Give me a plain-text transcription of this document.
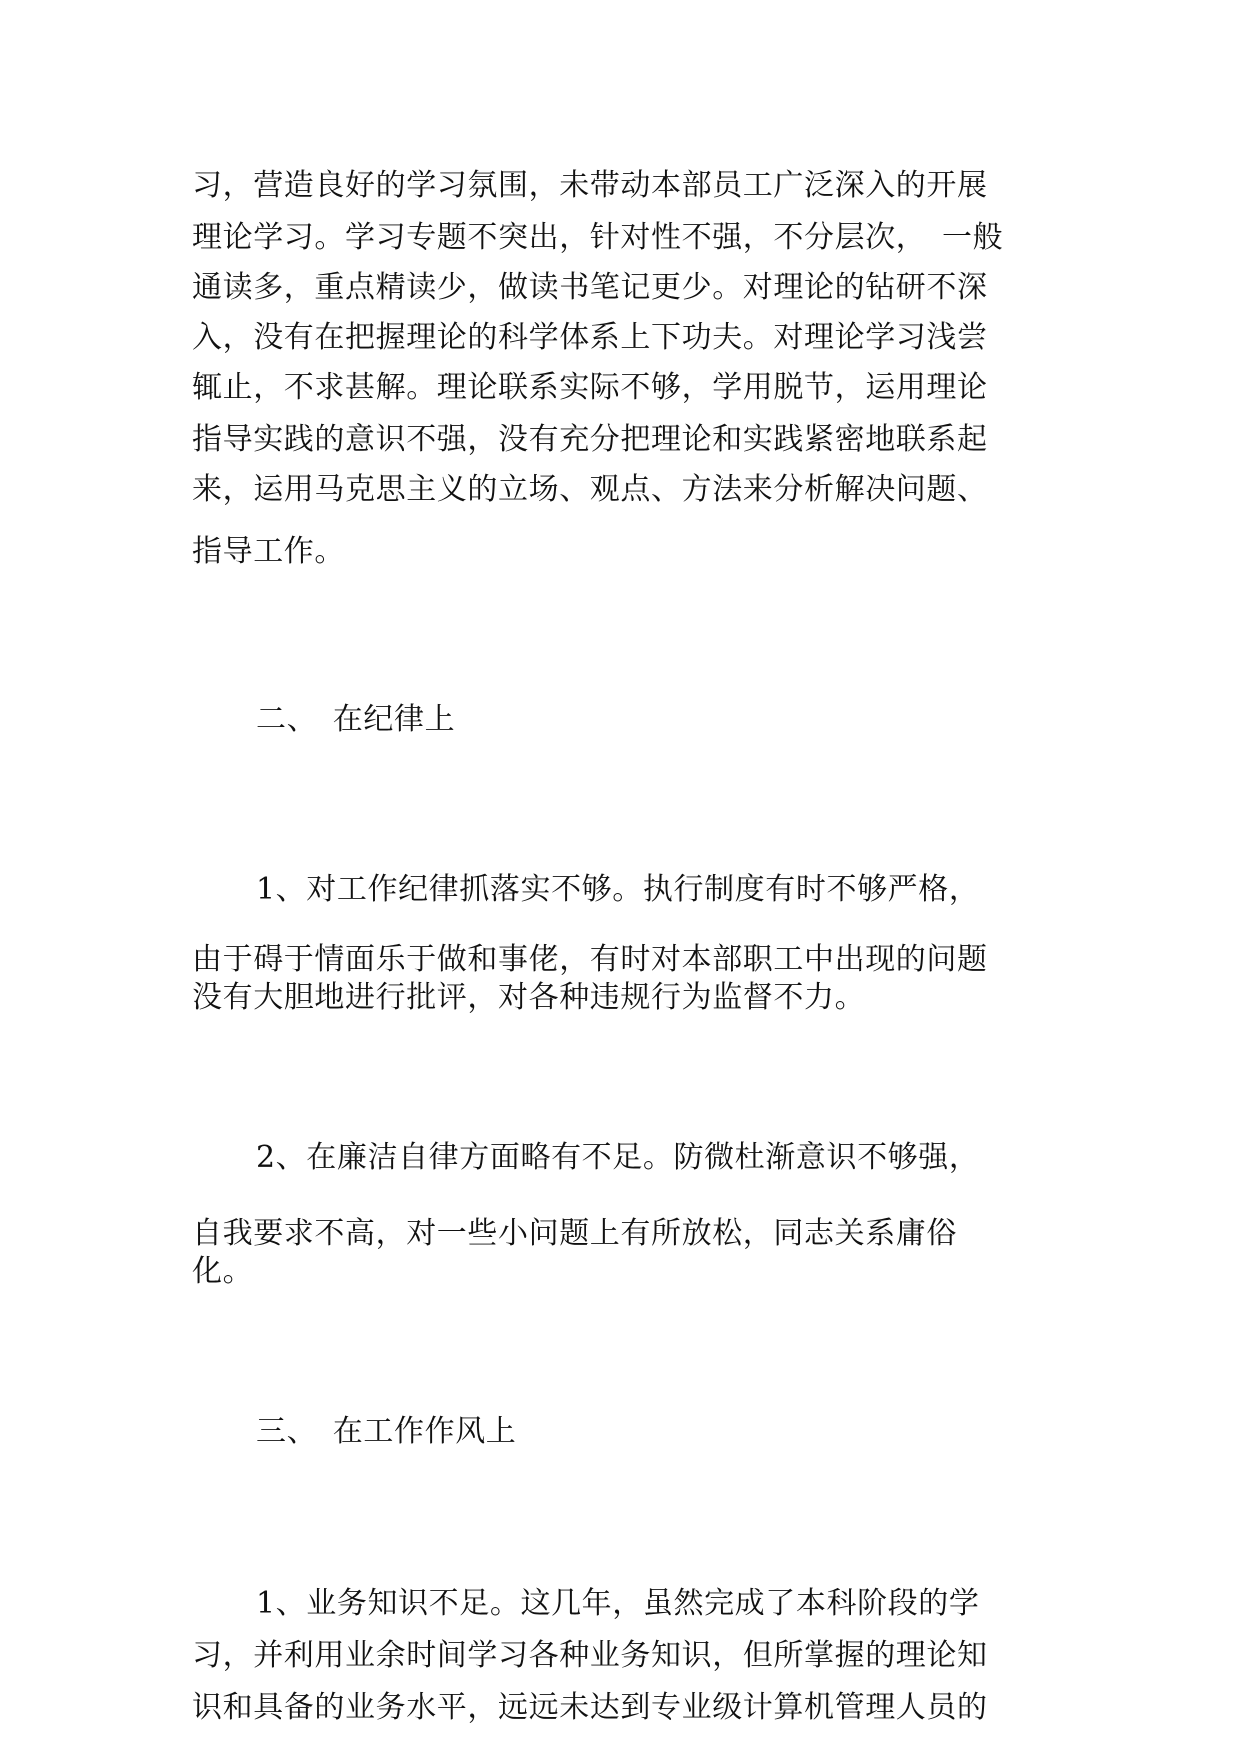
习，营造良好的学习氛围，未带动本部员工广泛深入的开展
理论学习。学习专题不突出，针对性不强，不分层次，　一般
通读多，重点精读少，做读书笔记更少。对理论的钻研不深
入，没有在把握理论的科学体系上下功夫。对理论学习浅尝
辄止，不求甚解。理论联系实际不够，学用脱节，运用理论
指导实践的意识不强，没有充分把理论和实践紧密地联系起
来，运用马克思主义的立场、观点、方法来分析解决问题、
指导工作。
二、　在纪律上
1、对工作纪律抓落实不够。执行制度有时不够严格，
由于碍于情面乐于做和事佬，有时对本部职工中出现的问题
没有大胆地进行批评，对各种违规行为监督不力。
2、在廉洁自律方面略有不足。防微杜渐意识不够强，
自我要求不高，对一些小问题上有所放松，同志关系庸俗
化。
三、　在工作作风上
1、业务知识不足。这几年，虽然完成了本科阶段的学
习，并利用业余时间学习各种业务知识，但所掌握的理论知
识和具备的业务水平，远远未达到专业级计算机管理人员的
